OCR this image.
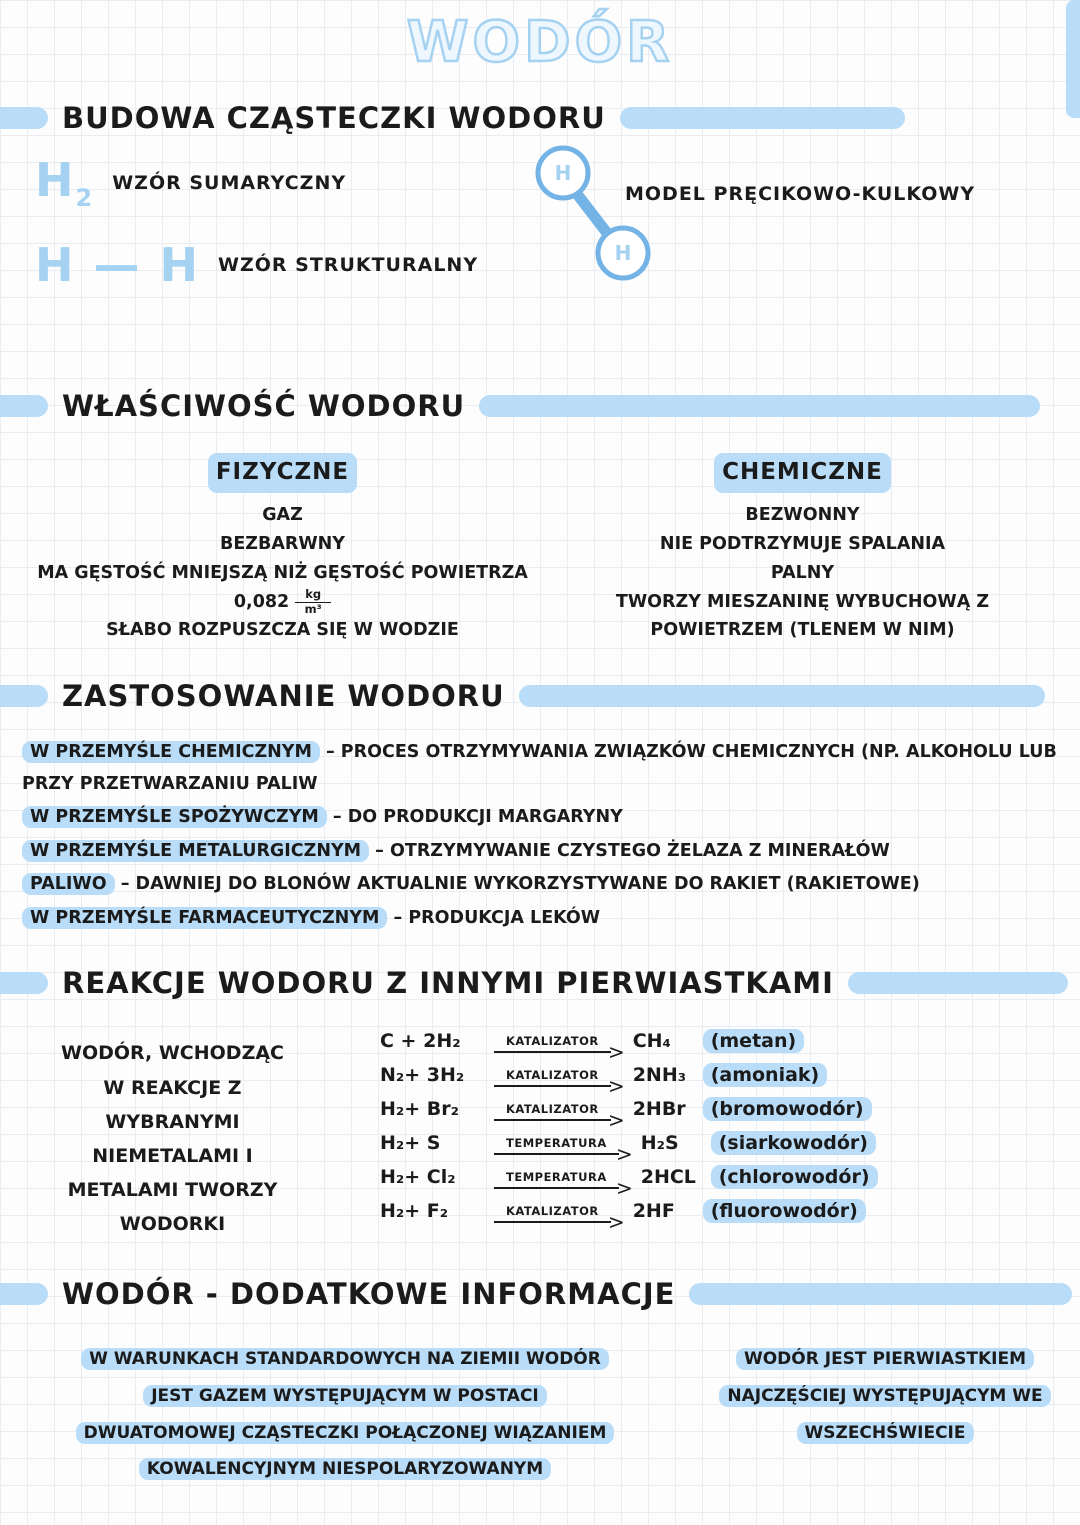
WODÓR
BUDOWA CZĄSTECZKI WODORU
$H_2$
WZÓR SUMARYCZNY
H — H WZÓR STRUKTURALNY
H
H
MODEL PRĘCIKOWO-KULKOWY
WŁAŚCIWOŚĆ WODORU
FIZYCZNE
GAZ
BEZBARWNY
MA GĘSTOŚĆ MNIEJSZĄ NIŻ GĘSTOŚĆ POWIETRZA
$0,082 \frac{kg}{\text{m³}}$
SŁABO ROZPUSZCZA SIĘ W WODZIE
CHEMICZNE
BEZWONNY
NIE PODTRZYMUJE SPALANIA
PALNY
TWORZY MIESZANINĘ WYBUCHOWĄ Z
POWIETRZEM (TLENEM W NIM)
ZASTOSOWANIE WODORU

W PRZEMYŚLE CHEMICZNYM – PROCES OTRZYMYWANIA ZWIĄZKÓW CHEMICZNYCH (NP. ALKOHOLU LUB PRZY PRZETWARZANIU PALIW

W PRZEMYŚLE SPOŻYWCZYM – DO PRODUKCJI MARGARYNY

W PRZEMYŚLE METALURGICZNYM – OTRZYMYWANIE CZYSTEGO ŻELAZA Z MINERAŁÓW

PALIWO – DAWNIEJ DO BLONÓW AKTUALNIE WYKORZYSTYWANE DO RAKIET (RAKIETOWE)

W PRZEMYŚLE FARMACEUTYCZNYM – PRODUKCJA LEKÓW

REAKCJE WODORU Z INNYMI PIERWIASTKAMI
WODÓR, WCHODZĄC
W REAKCJE Z
WYBRANYMI
NIEMETALAMI I
METALAMI TWORZY
WODORKI
C + 2H₂	KATALIZATOR > CH₄	(metan)
N₂+ 3H₂	KATALIZATOR > 2NH₃	(amoniak)
H₂+ Br₂	KATALIZATOR > 2HBr	(bromowodór)
H₂+ S	TEMPERATURA > H₂S	(siarkowodór)
H₂+ Cl₂	TEMPERATURA > 2HCL	(chlorowodór)
H₂+ F₂	KATALIZATOR > 2HF	(fluorowodór)
WODÓR - DODATKOWE INFORMACJE
W WARUNKACH STANDARDOWYCH NA ZIEMII WODÓR
JEST GAZEM WYSTĘPUJĄCYM W POSTACI
DWUATOMOWEJ CZĄSTECZKI POŁĄCZONEJ WIĄZANIEM
KOWALENCYJNYM NIESPOLARYZOWANYM
WODÓR JEST PIERWIASTKIEM
NAJCZĘŚCIEJ WYSTĘPUJĄCYM WE
WSZECHŚWIECIE
